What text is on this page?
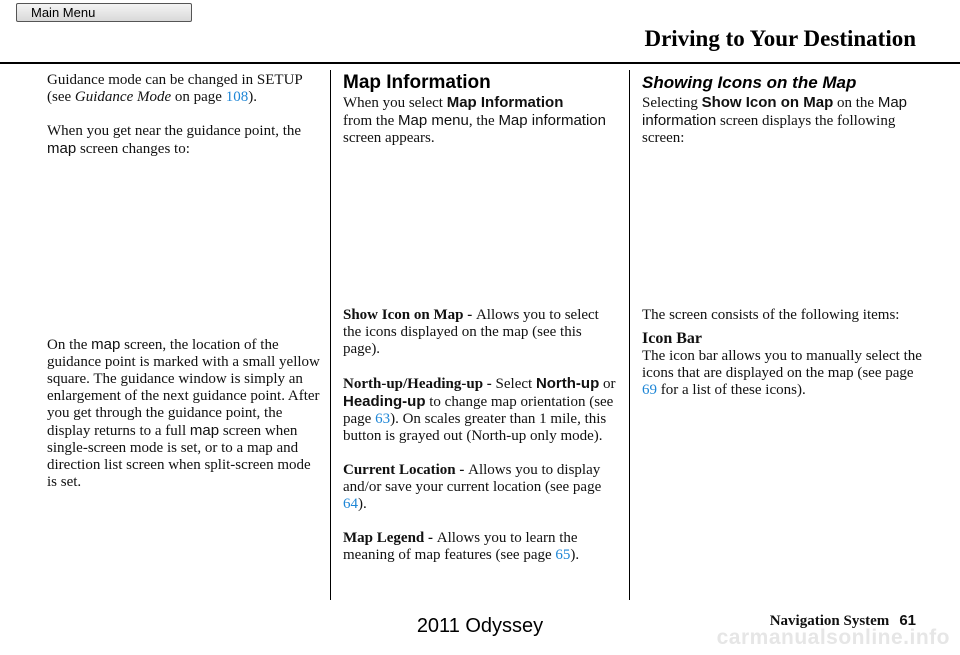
Main Menu
Driving to Your Destination

Guidance mode can be changed in SETUP (see Guidance Mode on page 108).

When you get near the guidance point, the map screen changes to:

On the map screen, the location of the guidance point is marked with a small yellow square. The guidance window is simply an enlargement of the next guidance point. After you get through the guidance point, the display returns to a full map screen when single-screen mode is set, or to a map and direction list screen when split-screen mode is set.

Map Information

When you select Map Information
from the Map menu, the Map information screen appears.

Show Icon on Map - Allows you to select the icons displayed on the map (see this page).

North-up/Heading-up - Select North-up or Heading-up to change map orientation (see page 63). On scales greater than 1 mile, this button is grayed out (North-up only mode).

Current Location - Allows you to display and/or save your current location (see page 64).

Map Legend - Allows you to learn the meaning of map features (see page 65).

Showing Icons on the Map

Selecting Show Icon on Map on the Map information screen displays the following screen:

The screen consists of the following items:

Icon Bar

The icon bar allows you to manually select the icons that are displayed on the map (see page 69 for a list of these icons).

Navigation System 61
2011 Odyssey	carmanualsonline.info
